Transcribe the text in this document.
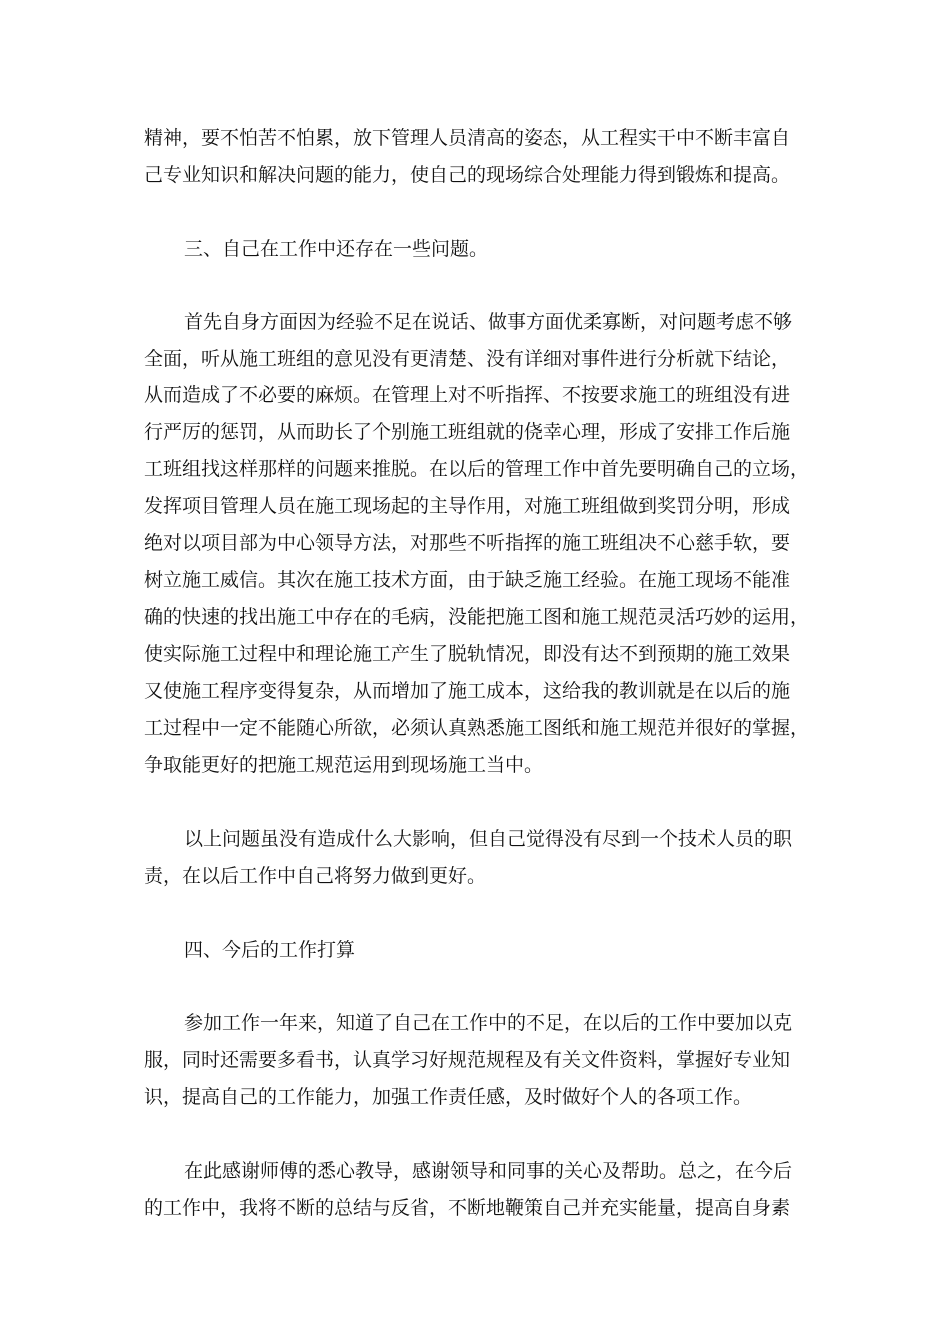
精神，要不怕苦不怕累，放下管理人员清高的姿态，从工程实干中不断丰富自
己专业知识和解决问题的能力，使自己的现场综合处理能力得到锻炼和提高。
三、自己在工作中还存在一些问题。
首先自身方面因为经验不足在说话、做事方面优柔寡断，对问题考虑不够
全面，听从施工班组的意见没有更清楚、没有详细对事件进行分析就下结论，
从而造成了不必要的麻烦。在管理上对不听指挥、不按要求施工的班组没有进
行严厉的惩罚，从而助长了个别施工班组就的侥幸心理，形成了安排工作后施
工班组找这样那样的问题来推脱。在以后的管理工作中首先要明确自己的立场，
发挥项目管理人员在施工现场起的主导作用，对施工班组做到奖罚分明，形成
绝对以项目部为中心领导方法，对那些不听指挥的施工班组决不心慈手软，要
树立施工威信。其次在施工技术方面，由于缺乏施工经验。在施工现场不能准
确的快速的找出施工中存在的毛病，没能把施工图和施工规范灵活巧妙的运用，
使实际施工过程中和理论施工产生了脱轨情况，即没有达不到预期的施工效果
又使施工程序变得复杂，从而增加了施工成本，这给我的教训就是在以后的施
工过程中一定不能随心所欲，必须认真熟悉施工图纸和施工规范并很好的掌握，
争取能更好的把施工规范运用到现场施工当中。
以上问题虽没有造成什么大影响，但自己觉得没有尽到一个技术人员的职
责，在以后工作中自己将努力做到更好。
四、今后的工作打算
参加工作一年来，知道了自己在工作中的不足，在以后的工作中要加以克
服，同时还需要多看书，认真学习好规范规程及有关文件资料，掌握好专业知
识，提高自己的工作能力，加强工作责任感，及时做好个人的各项工作。
在此感谢师傅的悉心教导，感谢领导和同事的关心及帮助。总之，在今后
的工作中，我将不断的总结与反省，不断地鞭策自己并充实能量，提高自身素
